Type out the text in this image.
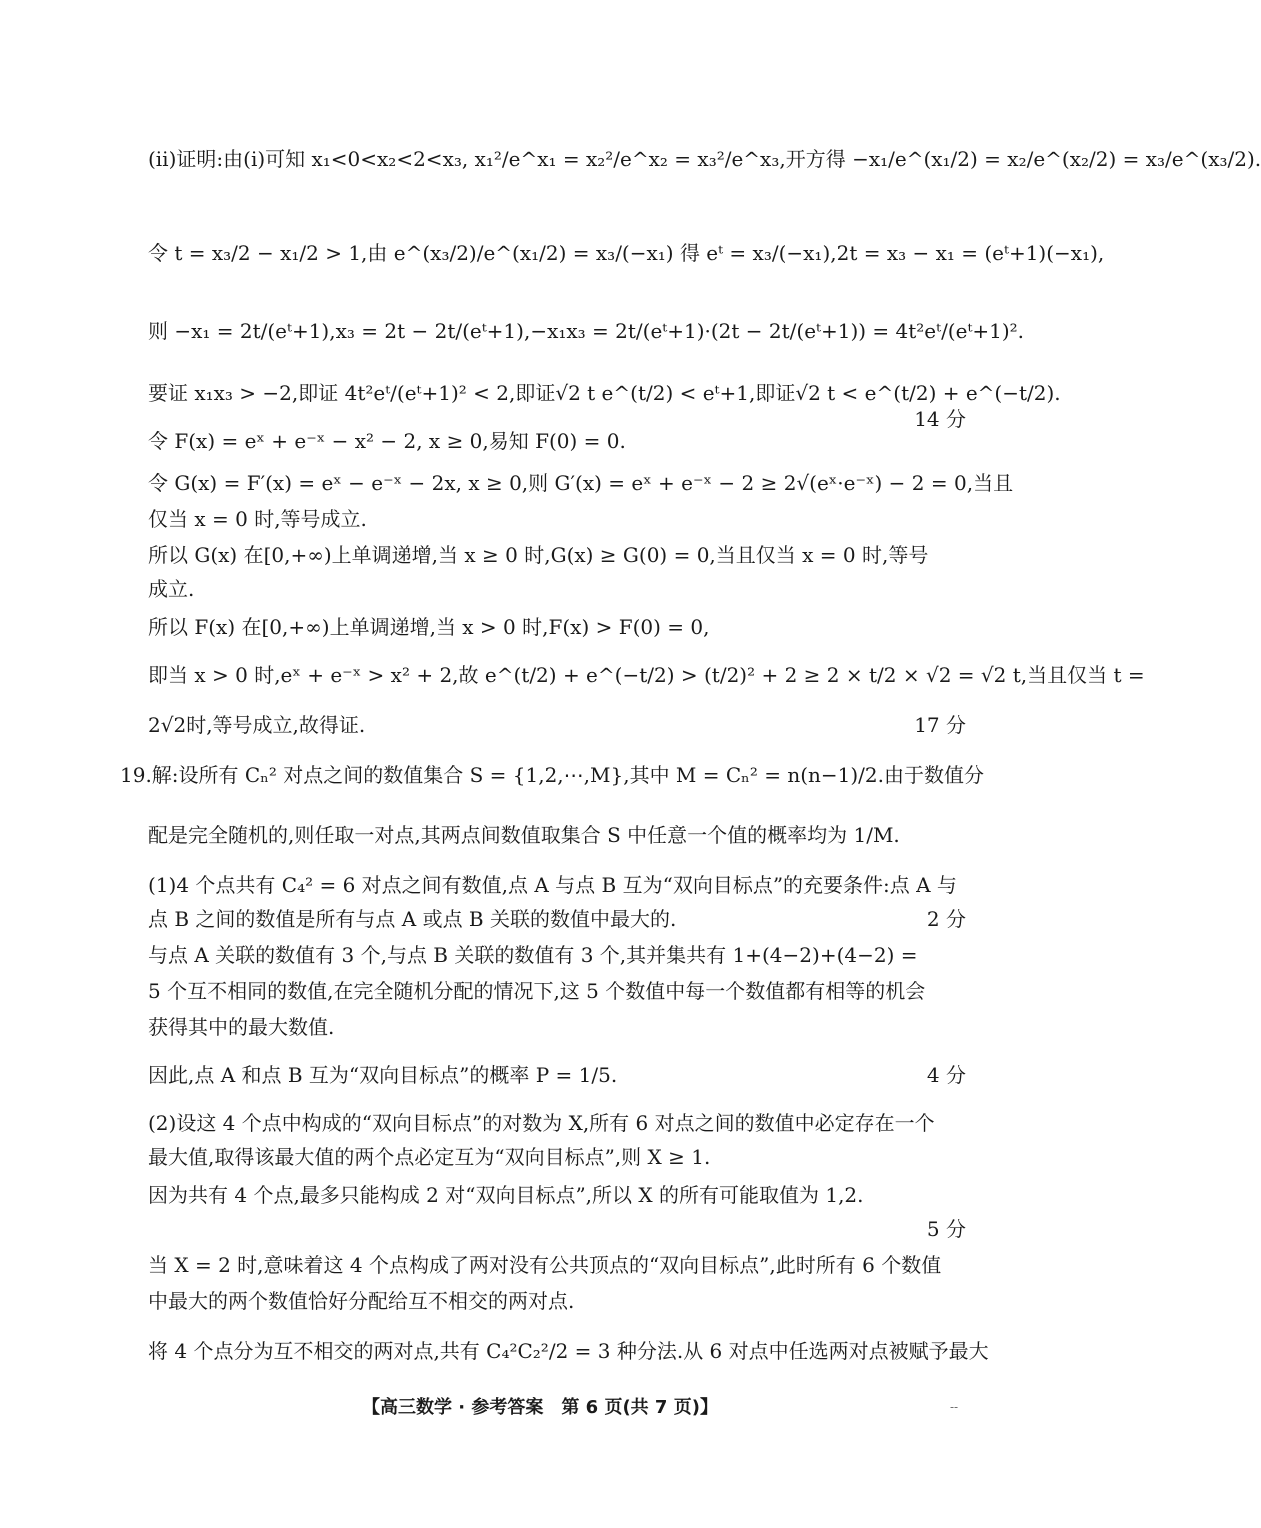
(ⅱ)证明:由(ⅰ)可知 x₁<0<x₂<2<x₃, x₁²/e^x₁ = x₂²/e^x₂ = x₃²/e^x₃,开方得 −x₁/e^(x₁/2) = x₂/e^(x₂/2) = x₃/e^(x₃/2).
令 t = x₃/2 − x₁/2 > 1,由 e^(x₃/2)/e^(x₁/2) = x₃/(−x₁) 得 eᵗ = x₃/(−x₁),2t = x₃ − x₁ = (eᵗ+1)(−x₁),
则 −x₁ = 2t/(eᵗ+1),x₃ = 2t − 2t/(eᵗ+1),−x₁x₃ = 2t/(eᵗ+1)·(2t − 2t/(eᵗ+1)) = 4t²eᵗ/(eᵗ+1)².
要证 x₁x₃ > −2,即证 4t²eᵗ/(eᵗ+1)² < 2,即证√2 t e^(t/2) < eᵗ+1,即证√2 t < e^(t/2) + e^(−t/2).
14 分
令 F(x) = eˣ + e⁻ˣ − x² − 2, x ≥ 0,易知 F(0) = 0.
令 G(x) = F′(x) = eˣ − e⁻ˣ − 2x, x ≥ 0,则 G′(x) = eˣ + e⁻ˣ − 2 ≥ 2√(eˣ·e⁻ˣ) − 2 = 0,当且
仅当 x = 0 时,等号成立.
所以 G(x) 在[0,+∞)上单调递增,当 x ≥ 0 时,G(x) ≥ G(0) = 0,当且仅当 x = 0 时,等号
成立.
所以 F(x) 在[0,+∞)上单调递增,当 x > 0 时,F(x) > F(0) = 0,
即当 x > 0 时,eˣ + e⁻ˣ > x² + 2,故 e^(t/2) + e^(−t/2) > (t/2)² + 2 ≥ 2 × t/2 × √2 = √2 t,当且仅当 t =
2√2时,等号成立,故得证.	17 分
19.解:设所有 Cₙ² 对点之间的数值集合 S = {1,2,⋯,M},其中 M = Cₙ² = n(n−1)/2.由于数值分
配是完全随机的,则任取一对点,其两点间数值取集合 S 中任意一个值的概率均为 1/M.
(1)4 个点共有 C₄² = 6 对点之间有数值,点 A 与点 B 互为“双向目标点”的充要条件:点 A 与
点 B 之间的数值是所有与点 A 或点 B 关联的数值中最大的.	2 分
与点 A 关联的数值有 3 个,与点 B 关联的数值有 3 个,其并集共有 1+(4−2)+(4−2) =
5 个互不相同的数值,在完全随机分配的情况下,这 5 个数值中每一个数值都有相等的机会
获得其中的最大数值.
因此,点 A 和点 B 互为“双向目标点”的概率 P = 1/5.	4 分
(2)设这 4 个点中构成的“双向目标点”的对数为 X,所有 6 对点之间的数值中必定存在一个
最大值,取得该最大值的两个点必定互为“双向目标点”,则 X ≥ 1.
因为共有 4 个点,最多只能构成 2 对“双向目标点”,所以 X 的所有可能取值为 1,2.
5 分
当 X = 2 时,意味着这 4 个点构成了两对没有公共顶点的“双向目标点”,此时所有 6 个数值
中最大的两个数值恰好分配给互不相交的两对点.
将 4 个点分为互不相交的两对点,共有 C₄²C₂²/2 = 3 种分法.从 6 对点中任选两对点被赋予最大
【高三数学 · 参考答案　第 6 页(共 7 页)】	--
